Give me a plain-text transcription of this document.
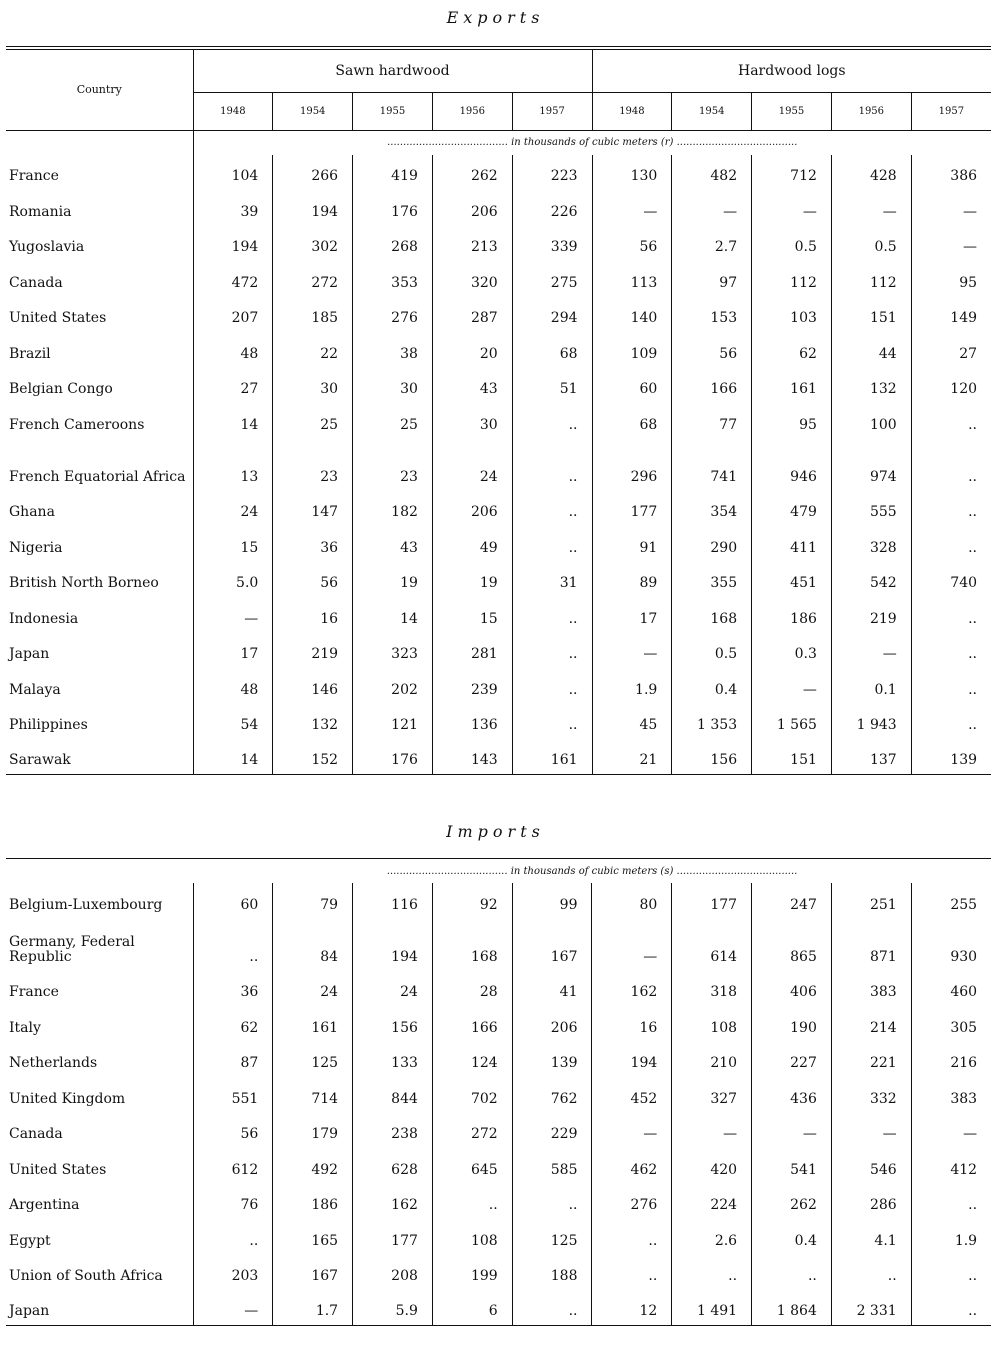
Exports
Country	Sawn hardwood					Hardwood logs				
	1948	1954	1955	1956	1957	1948	1954	1955	1956	1957
	...................................... in thousands of cubic meters (r) ......................................									
France	104	266	419	262	223	130	482	712	428	386
Romania	39	194	176	206	226	—	—	—	—	—
Yugoslavia	194	302	268	213	339	56	2.7	0.5	0.5	—
Canada	472	272	353	320	275	113	97	112	112	95
United States	207	185	276	287	294	140	153	103	151	149
Brazil	48	22	38	20	68	109	56	62	44	27
Belgian Congo	27	30	30	43	51	60	166	161	132	120
French Cameroons	14	25	25	30	..	68	77	95	100	..
French Equatorial Africa	13	23	23	24	..	296	741	946	974	..
Ghana	24	147	182	206	..	177	354	479	555	..
Nigeria	15	36	43	49	..	91	290	411	328	..
British North Borneo	5.0	56	19	19	31	89	355	451	542	740
Indonesia	—	16	14	15	..	17	168	186	219	..
Japan	17	219	323	281	..	—	0.5	0.3	—	..
Malaya	48	146	202	239	..	1.9	0.4	—	0.1	..
Philippines	54	132	121	136	..	45	1 353	1 565	1 943	..
Sarawak	14	152	176	143	161	21	156	151	137	139
Imports
	...................................... in thousands of cubic meters (s) ......................................									
Belgium-Luxembourg	60	79	116	92	99	80	177	247	251	255
Germany, Federal Republic	..	84	194	168	167	—	614	865	871	930
France	36	24	24	28	41	162	318	406	383	460
Italy	62	161	156	166	206	16	108	190	214	305
Netherlands	87	125	133	124	139	194	210	227	221	216
United Kingdom	551	714	844	702	762	452	327	436	332	383
Canada	56	179	238	272	229	—	—	—	—	—
United States	612	492	628	645	585	462	420	541	546	412
Argentina	76	186	162	..	..	276	224	262	286	..
Egypt	..	165	177	108	125	..	2.6	0.4	4.1	1.9
Union of South Africa	203	167	208	199	188	..	..	..	..	..
Japan	—	1.7	5.9	6	..	12	1 491	1 864	2 331	..
